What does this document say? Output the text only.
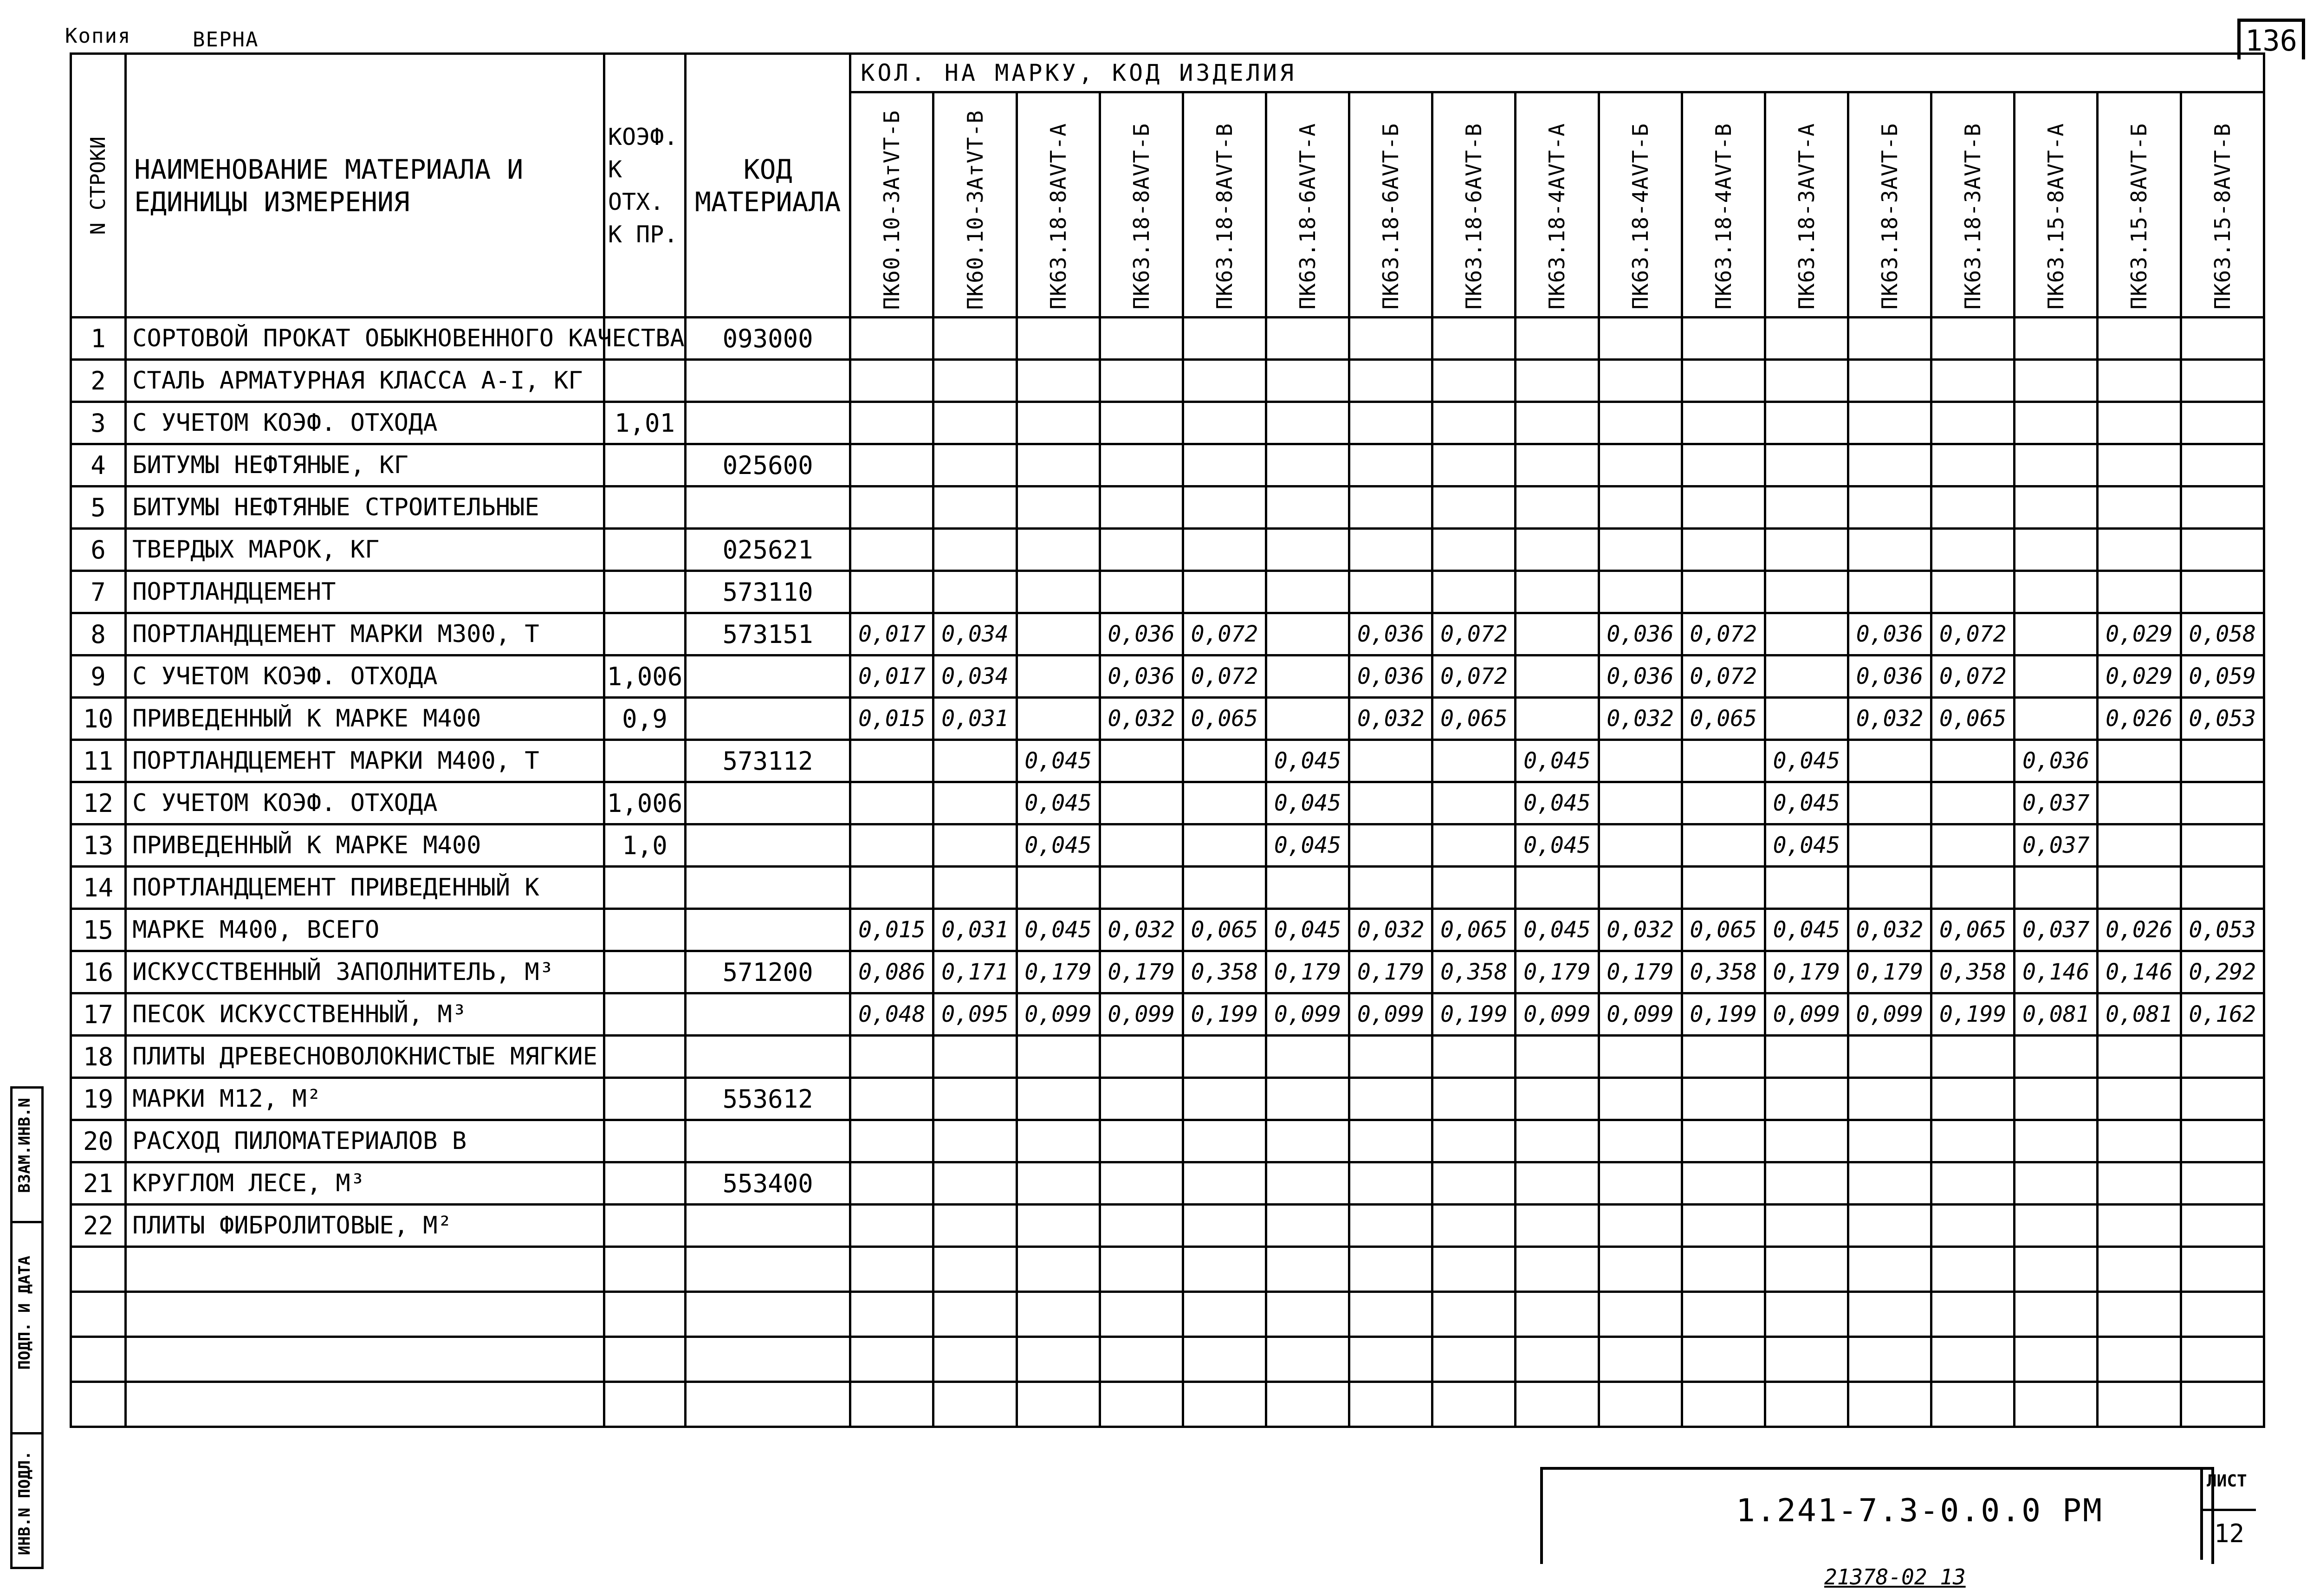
Копия	ВЕРНА	136
N СТРОКИ	НАИМЕНОВАНИЕ МАТЕРИАЛА И ЕДИНИЦЫ ИЗМЕРЕНИЯ	КОЭФ. К ОТХ. К ПР.	КОД МАТЕРИАЛА	КОЛ. НА МАРКУ, КОД ИЗДЕЛИЯ																

				ПК60.10-3АтVТ-Б	ПК60.10-3АтVТ-В	ПК63.18-8АVТ-А	ПК63.18-8АVТ-Б	ПК63.18-8АVТ-В	ПК63.18-6АVТ-А	ПК63.18-6АVТ-Б	ПК63.18-6АVТ-В	ПК63.18-4АVТ-А	ПК63.18-4АVТ-Б	ПК63.18-4АVТ-В	ПК63.18-3АVТ-А	ПК63.18-3АVТ-Б	ПК63.18-3АVТ-В	ПК63.15-8АVТ-А	ПК63.15-8АVТ-Б	ПК63.15-8АVТ-В

1	СОРТОВОЙ ПРОКАТ ОБЫКНОВЕННОГО КАЧЕСТВА		093000																	
2	СТАЛЬ АРМАТУРНАЯ КЛАССА А-I, КГ																			
3	С УЧЕТОМ КОЭФ. ОТХОДА	1,01																		
4	БИТУМЫ НЕФТЯНЫЕ, КГ		025600																	
5	БИТУМЫ НЕФТЯНЫЕ СТРОИТЕЛЬНЫЕ																			
6	ТВЕРДЫХ МАРОК, КГ		025621																	
7	ПОРТЛАНДЦЕМЕНТ		573110																	
8	ПОРТЛАНДЦЕМЕНТ МАРКИ М300, Т		573151	0,017	0,034		0,036	0,072		0,036	0,072		0,036	0,072		0,036	0,072		0,029	0,058
9	С УЧЕТОМ КОЭФ. ОТХОДА	1,006		0,017	0,034		0,036	0,072		0,036	0,072		0,036	0,072		0,036	0,072		0,029	0,059
10	ПРИВЕДЕННЫЙ К МАРКЕ М400	0,9		0,015	0,031		0,032	0,065		0,032	0,065		0,032	0,065		0,032	0,065		0,026	0,053
11	ПОРТЛАНДЦЕМЕНТ МАРКИ М400, Т		573112			0,045			0,045			0,045			0,045			0,036		
12	С УЧЕТОМ КОЭФ. ОТХОДА	1,006				0,045			0,045			0,045			0,045			0,037		
13	ПРИВЕДЕННЫЙ К МАРКЕ М400	1,0				0,045			0,045			0,045			0,045			0,037		
14	ПОРТЛАНДЦЕМЕНТ ПРИВЕДЕННЫЙ К																			
15	МАРКЕ М400, ВСЕГО			0,015	0,031	0,045	0,032	0,065	0,045	0,032	0,065	0,045	0,032	0,065	0,045	0,032	0,065	0,037	0,026	0,053
16	ИСКУССТВЕННЫЙ ЗАПОЛНИТЕЛЬ, М³		571200	0,086	0,171	0,179	0,179	0,358	0,179	0,179	0,358	0,179	0,179	0,358	0,179	0,179	0,358	0,146	0,146	0,292
17	ПЕСОК ИСКУССТВЕННЫЙ, М³			0,048	0,095	0,099	0,099	0,199	0,099	0,099	0,199	0,099	0,099	0,199	0,099	0,099	0,199	0,081	0,081	0,162
18	ПЛИТЫ ДРЕВЕСНОВОЛОКНИСТЫЕ МЯГКИЕ																			
19	МАРКИ М12, М²		553612																	
20	РАСХОД ПИЛОМАТЕРИАЛОВ В																			
21	КРУГЛОМ ЛЕСЕ, М³		553400																	
22	ПЛИТЫ ФИБРОЛИТОВЫЕ, М²																			

1.241-7.3-0.0.0 РМ
ЛИСТ
12
21378-02 13
ИНВ.N ПОДЛ.
ПОДП. И ДАТА
ВЗАМ.ИНВ.N
